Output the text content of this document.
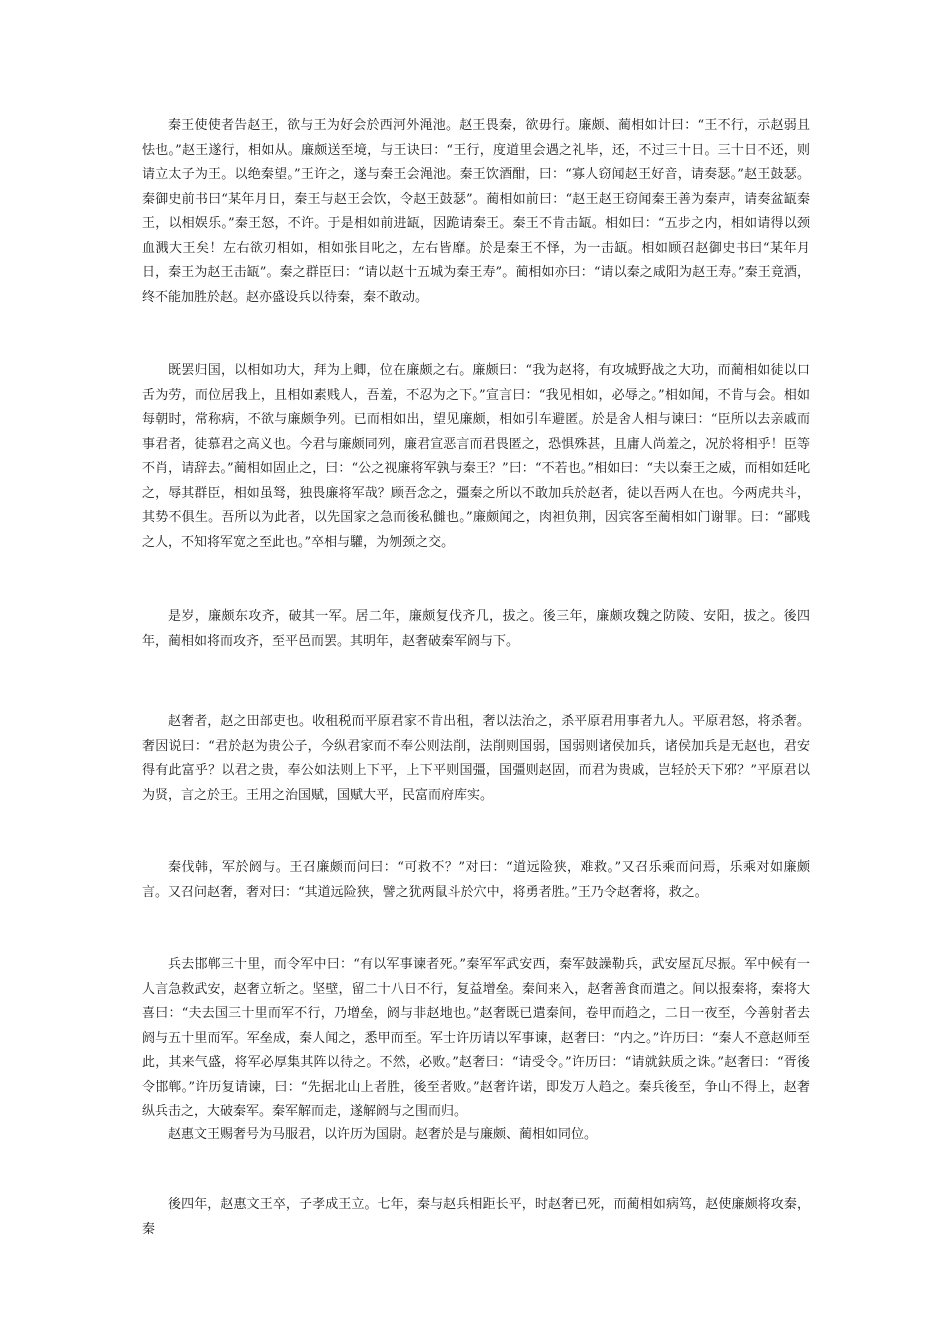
秦王使使者告赵王，欲与王为好会於西河外渑池。赵王畏秦，欲毋行。廉颇、蔺相如计曰：“王不行，示赵弱且怯也。”赵王遂行，相如从。廉颇送至境，与王诀曰：“王行，度道里会遇之礼毕，还，不过三十日。三十日不还，则请立太子为王。以绝秦望。”王许之，遂与秦王会渑池。秦王饮酒酣，曰：“寡人窃闻赵王好音，请奏瑟。”赵王鼓瑟。秦御史前书曰“某年月日，秦王与赵王会饮，令赵王鼓瑟”。蔺相如前曰：“赵王赵王窃闻秦王善为秦声，请奏盆缻秦王，以相娱乐。”秦王怒，不许。于是相如前进缻，因跪请秦王。秦王不肯击缻。相如曰：“五步之内，相如请得以颈血溅大王矣！左右欲刃相如，相如张目叱之，左右皆靡。於是秦王不怿，为一击缻。相如顾召赵御史书曰“某年月日，秦王为赵王击缻”。秦之群臣曰：“请以赵十五城为秦王寿”。蔺相如亦曰：“请以秦之咸阳为赵王寿。”秦王竟酒，终不能加胜於赵。赵亦盛设兵以待秦，秦不敢动。

既罢归国，以相如功大，拜为上卿，位在廉颇之右。廉颇曰：“我为赵将，有攻城野战之大功，而蔺相如徒以口舌为劳，而位居我上，且相如素贱人，吾羞，不忍为之下。”宣言曰：“我见相如，必辱之。”相如闻，不肯与会。相如每朝时，常称病，不欲与廉颇争列。已而相如出，望见廉颇，相如引车避匿。於是舍人相与谏曰：“臣所以去亲戚而事君者，徒慕君之高义也。今君与廉颇同列，廉君宣恶言而君畏匿之，恐惧殊甚，且庸人尚羞之，况於将相乎！臣等不肖，请辞去。”蔺相如固止之，曰：“公之视廉将军孰与秦王？”曰：“不若也。”相如曰：“夫以秦王之威，而相如廷叱之，辱其群臣，相如虽驽，独畏廉将军哉？顾吾念之，彊秦之所以不敢加兵於赵者，徒以吾两人在也。今两虎共斗，其势不俱生。吾所以为此者，以先国家之急而後私雠也。”廉颇闻之，肉袒负荆，因宾客至蔺相如门谢罪。曰：“鄙贱之人，不知将军宽之至此也。”卒相与驩，为刎颈之交。

是岁，廉颇东攻齐，破其一军。居二年，廉颇复伐齐几，拔之。後三年，廉颇攻魏之防陵、安阳，拔之。後四年，蔺相如将而攻齐，至平邑而罢。其明年，赵奢破秦军阏与下。

赵奢者，赵之田部吏也。收租税而平原君家不肯出租，奢以法治之，杀平原君用事者九人。平原君怒，将杀奢。奢因说曰：“君於赵为贵公子，今纵君家而不奉公则法削，法削则国弱，国弱则诸侯加兵，诸侯加兵是无赵也，君安得有此富乎？以君之贵，奉公如法则上下平，上下平则国彊，国彊则赵固，而君为贵戚，岂轻於天下邪？”平原君以为贤，言之於王。王用之治国赋，国赋大平，民富而府库实。

秦伐韩，军於阏与。王召廉颇而问曰：“可救不？”对曰：“道远险狭，难救。”又召乐乘而问焉，乐乘对如廉颇言。又召问赵奢，奢对曰：“其道远险狭，譬之犹两鼠斗於穴中，将勇者胜。”王乃令赵奢将，救之。

兵去邯郸三十里，而令军中曰：“有以军事谏者死。”秦军军武安西，秦军鼓譟勒兵，武安屋瓦尽振。军中候有一人言急救武安，赵奢立斩之。坚壁，留二十八日不行，复益增垒。秦间来入，赵奢善食而遣之。间以报秦将，秦将大喜曰：“夫去国三十里而军不行，乃增垒，阏与非赵地也。”赵奢既已遣秦间，卷甲而趋之，二日一夜至，今善射者去阏与五十里而军。军垒成，秦人闻之，悉甲而至。军士许历请以军事谏，赵奢曰：“内之。”许历曰：“秦人不意赵师至此，其来气盛，将军必厚集其阵以待之。不然，必败。”赵奢曰：“请受令。”许历曰：“请就鈇质之诛。”赵奢曰：“胥後令邯郸。”许历复请谏，曰：“先据北山上者胜，後至者败。”赵奢许诺，即发万人趋之。秦兵後至，争山不得上，赵奢纵兵击之，大破秦军。秦军解而走，遂解阏与之围而归。

赵惠文王赐奢号为马服君，以许历为国尉。赵奢於是与廉颇、蔺相如同位。

後四年，赵惠文王卒，子孝成王立。七年，秦与赵兵相距长平，时赵奢已死，而蔺相如病笃，赵使廉颇将攻秦，秦
